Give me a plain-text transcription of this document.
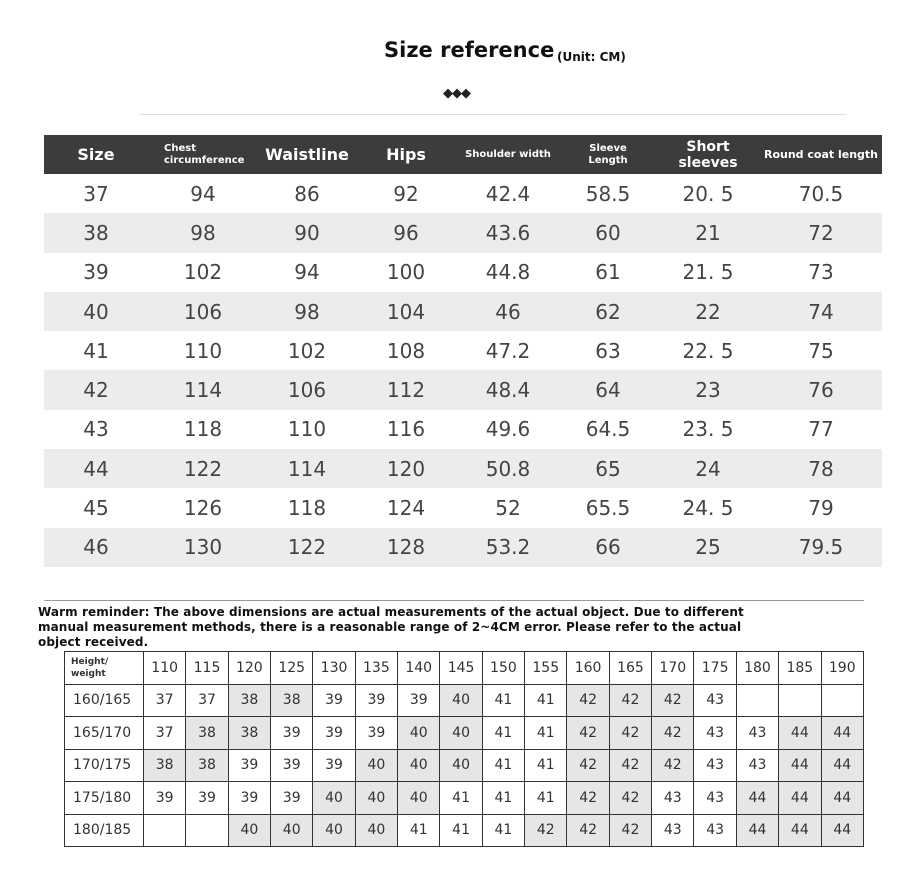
Size reference (Unit: CM)
◆◆◆
Size	Chest circumference	Waistline	Hips	Shoulder width	Sleeve Length	Short sleeves	Round coat length
37	94	86	92	42.4	58.5	20. 5	70.5
38	98	90	96	43.6	60	21	72
39	102	94	100	44.8	61	21. 5	73
40	106	98	104	46	62	22	74
41	110	102	108	47.2	63	22. 5	75
42	114	106	112	48.4	64	23	76
43	118	110	116	49.6	64.5	23. 5	77
44	122	114	120	50.8	65	24	78
45	126	118	124	52	65.5	24. 5	79
46	130	122	128	53.2	66	25	79.5
Warm reminder: The above dimensions are actual measurements of the actual object. Due to different manual measurement methods, there is a reasonable range of 2~4CM error. Please refer to the actual object received.
Height/ weight	110	115	120	125	130	135	140	145	150	155	160	165	170	175	180	185	190
160/165	37	37	38	38	39	39	39	40	41	41	42	42	42	43			
165/170	37	38	38	39	39	39	40	40	41	41	42	42	42	43	43	44	44
170/175	38	38	39	39	39	40	40	40	41	41	42	42	42	43	43	44	44
175/180	39	39	39	39	40	40	40	41	41	41	42	42	43	43	44	44	44
180/185			40	40	40	40	41	41	41	42	42	42	43	43	44	44	44
